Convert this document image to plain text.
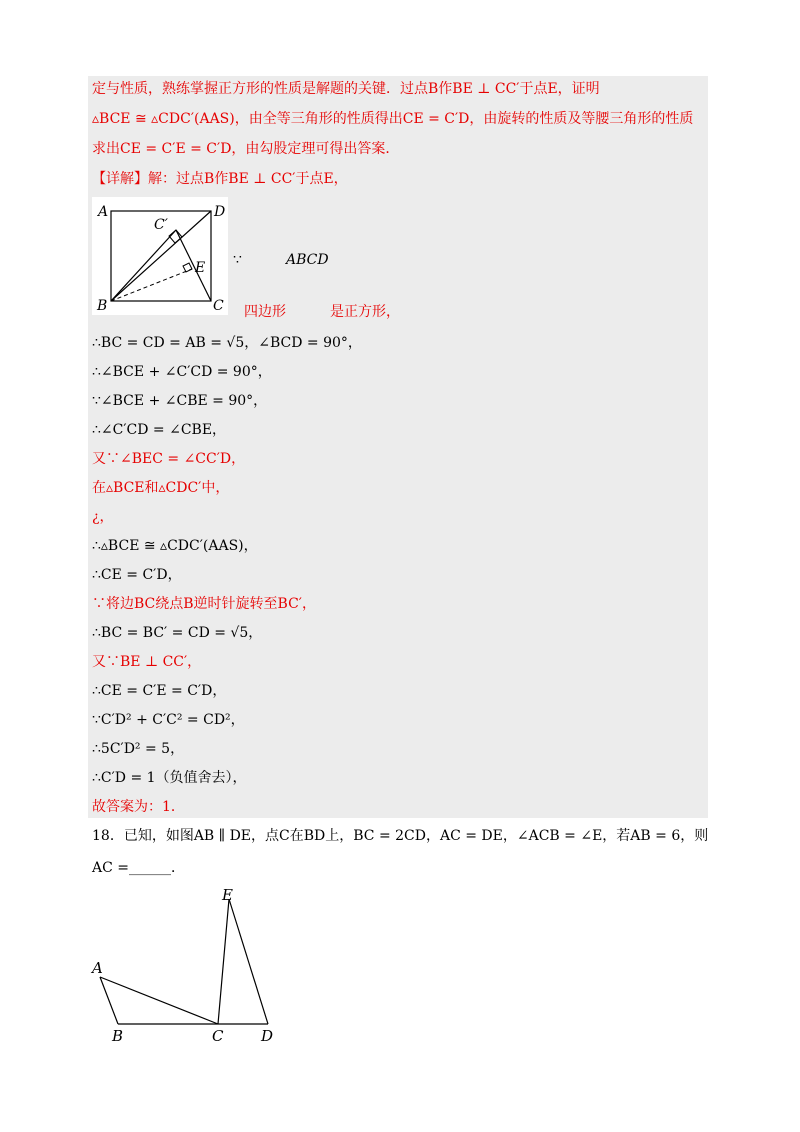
定与性质，熟练掌握正方形的性质是解题的关键．过点B作BE ⊥ CC′于点E，证明
▵BCE ≅ ▵CDC′(AAS)，由全等三角形的性质得出CE = C′D，由旋转的性质及等腰三角形的性质
求出CE = C′E = C′D，由勾股定理可得出答案．
【详解】解：过点B作BE ⊥ CC′于点E，
A	D
C′
E
B	C
∵	ABCD
四边形	是正方形，
∴BC = CD = AB = √5，∠BCD = 90°，
∴∠BCE + ∠C′CD = 90°，
∵∠BCE + ∠CBE = 90°，
∴∠C′CD = ∠CBE，
又∵∠BEC = ∠CC′D，
在▵BCE和▵CDC′中，
¿，
∴▵BCE ≅ ▵CDC′(AAS)，
∴CE = C′D，
∵将边BC绕点B逆时针旋转至BC′，
∴BC = BC′ = CD = √5，
又∵BE ⊥ CC′，
∴CE = C′E = C′D，
∵C′D² + C′C² = CD²，
∴5C′D² = 5，
∴C′D = 1（负值舍去），
故答案为：1．
18．已知，如图AB ∥ DE，点C在BD上，BC = 2CD，AC = DE，∠ACB = ∠E，若AB = 6，则
AC =______．
A
B	C	D
E
